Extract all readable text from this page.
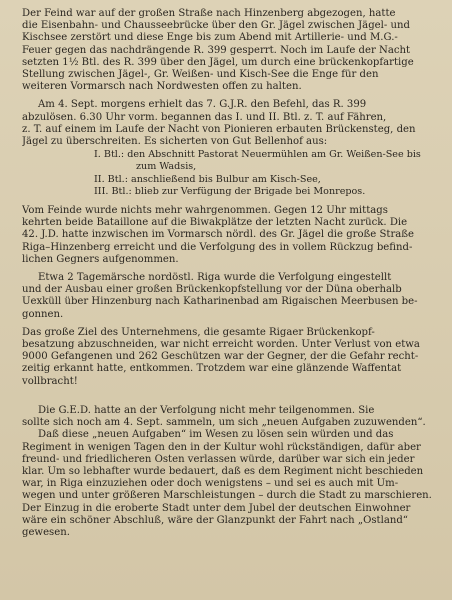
Der Feind war auf der großen Straße nach Hinzenberg abgezogen, hatte
die Eisenbahn- und Chausseebrücke über den Gr. Jägel zwischen Jägel- und
Kischsee zerstört und diese Enge bis zum Abend mit Artillerie- und M.G.-
Feuer gegen das nachdrängende R. 399 gesperrt. Noch im Laufe der Nacht
setzten 1½ Btl. des R. 399 über den Jägel, um durch eine brückenkopfartige
Stellung zwischen Jägel-, Gr. Weißen- und Kisch-See die Enge für den
weiteren Vormarsch nach Nordwesten offen zu halten.
Am 4. Sept. morgens erhielt das 7. G.J.R. den Befehl, das R. 399
abzulösen. 6.30 Uhr vorm. begannen das I. und II. Btl. z. T. auf Fähren,
z. T. auf einem im Laufe der Nacht von Pionieren erbauten Brückensteg, den
Jägel zu überschreiten. Es sicherten von Gut Bellenhof aus:
I. Btl.: den Abschnitt Pastorat Neuermühlen am Gr. Weißen-See bis
zum Wadsis,
II. Btl.: anschließend bis Bulbur am Kisch-See,
III. Btl.: blieb zur Verfügung der Brigade bei Monrepos.
Vom Feinde wurde nichts mehr wahrgenommen. Gegen 12 Uhr mittags
kehrten beide Bataillone auf die Biwakplätze der letzten Nacht zurück. Die
42. J.D. hatte inzwischen im Vormarsch nördl. des Gr. Jägel die große Straße
Riga–Hinzenberg erreicht und die Verfolgung des in vollem Rückzug befind-
lichen Gegners aufgenommen.
Etwa 2 Tagemärsche nordöstl. Riga wurde die Verfolgung eingestellt
und der Ausbau einer großen Brückenkopfstellung vor der Düna oberhalb
Uexküll über Hinzenburg nach Katharinenbad am Rigaischen Meerbusen be-
gonnen.
Das große Ziel des Unternehmens, die gesamte Rigaer Brückenkopf-
besatzung abzuschneiden, war nicht erreicht worden. Unter Verlust von etwa
9000 Gefangenen und 262 Geschützen war der Gegner, der die Gefahr recht-
zeitig erkannt hatte, entkommen. Trotzdem war eine glänzende Waffentat
vollbracht!
Die G.E.D. hatte an der Verfolgung nicht mehr teilgenommen. Sie
sollte sich noch am 4. Sept. sammeln, um sich „neuen Aufgaben zuzuwenden“.
Daß diese „neuen Aufgaben“ im Wesen zu lösen sein würden und das
Regiment in wenigen Tagen den in der Kultur wohl rückständigen, dafür aber
freund- und friedlicheren Osten verlassen würde, darüber war sich ein jeder
klar. Um so lebhafter wurde bedauert, daß es dem Regiment nicht beschieden
war, in Riga einzuziehen oder doch wenigstens – und sei es auch mit Um-
wegen und unter größeren Marschleistungen – durch die Stadt zu marschieren.
Der Einzug in die eroberte Stadt unter dem Jubel der deutschen Einwohner
wäre ein schöner Abschluß, wäre der Glanzpunkt der Fahrt nach „Ostland“
gewesen.
